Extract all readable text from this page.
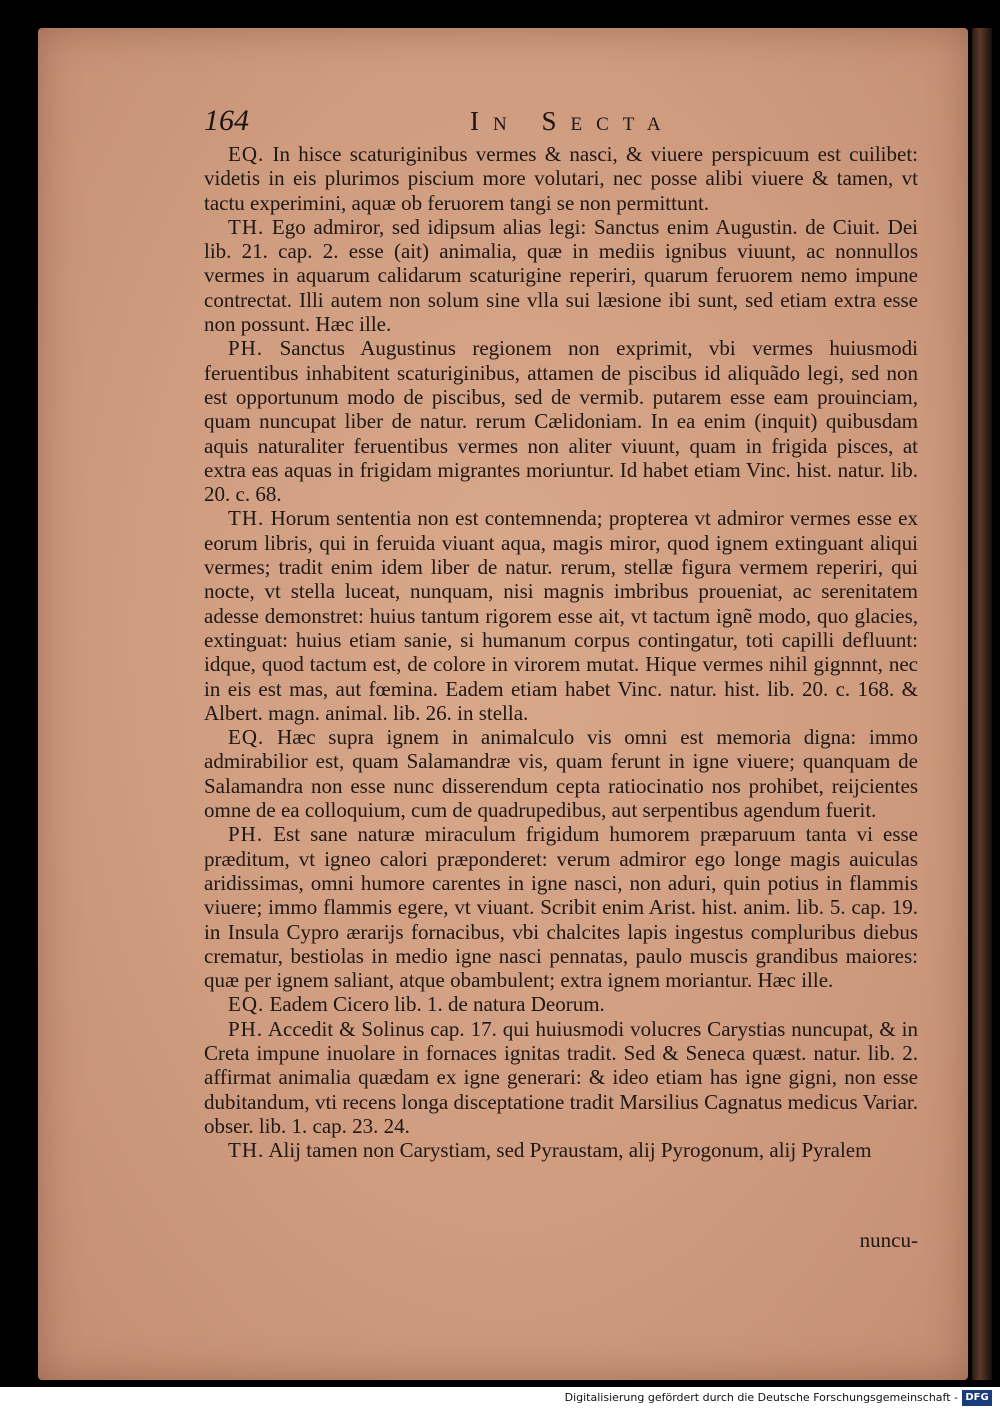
164	In Secta

EQ. In hisce scaturiginibus vermes & nasci, & viuere perspicuum est cuilibet: videtis in eis plurimos piscium more volutari, nec posse alibi viuere & tamen, vt tactu experimini, aquæ ob feruorem tangi se non permittunt.

TH. Ego admiror, sed idipsum alias legi: Sanctus enim Augustin. de Ciuit. Dei lib. 21. cap. 2. esse (ait) animalia, quæ in mediis ignibus viuunt, ac nonnullos vermes in aquarum calidarum scaturigine reperiri, quarum feruorem nemo impune contrectat. Illi autem non solum sine vlla sui læsione ibi sunt, sed etiam extra esse non possunt. Hæc ille.

PH. Sanctus Augustinus regionem non exprimit, vbi vermes huiusmodi feruentibus inhabitent scaturiginibus, attamen de piscibus id aliquãdo legi, sed non est opportunum modo de piscibus, sed de vermib. putarem esse eam prouinciam, quam nuncupat liber de natur. rerum Cælidoniam. In ea enim (inquit) quibusdam aquis naturaliter feruentibus vermes non aliter viuunt, quam in frigida pisces, at extra eas aquas in frigidam migrantes moriuntur. Id habet etiam Vinc. hist. natur. lib. 20. c. 68.

TH. Horum sententia non est contemnenda; propterea vt admiror vermes esse ex eorum libris, qui in feruida viuant aqua, magis miror, quod ignem extinguant aliqui vermes; tradit enim idem liber de natur. rerum, stellæ figura vermem reperiri, qui nocte, vt stella luceat, nunquam, nisi magnis imbribus proueniat, ac serenitatem adesse demonstret: huius tantum rigorem esse ait, vt tactum ignẽ modo, quo glacies, extinguat: huius etiam sanie, si humanum corpus contingatur, toti capilli defluunt: idque, quod tactum est, de colore in virorem mutat. Hique vermes nihil gignnnt, nec in eis est mas, aut fœmina. Eadem etiam habet Vinc. natur. hist. lib. 20. c. 168. & Albert. magn. animal. lib. 26. in stella.

EQ. Hæc supra ignem in animalculo vis omni est memoria digna: immo admirabilior est, quam Salamandræ vis, quam ferunt in igne viuere; quanquam de Salamandra non esse nunc disserendum cepta ratiocinatio nos prohibet, reijcientes omne de ea colloquium, cum de quadrupedibus, aut serpentibus agendum fuerit.

PH. Est sane naturæ miraculum frigidum humorem præparuum tanta vi esse præditum, vt igneo calori præponderet: verum admiror ego longe magis auiculas aridissimas, omni humore carentes in igne nasci, non aduri, quin potius in flammis viuere; immo flammis egere, vt viuant. Scribit enim Arist. hist. anim. lib. 5. cap. 19. in Insula Cypro ærarijs fornacibus, vbi chalcites lapis ingestus compluribus diebus crematur, bestiolas in medio igne nasci pennatas, paulo muscis grandibus maiores: quæ per ignem saliant, atque obambulent; extra ignem moriantur. Hæc ille.

EQ. Eadem Cicero lib. 1. de natura Deorum.

PH. Accedit & Solinus cap. 17. qui huiusmodi volucres Carystias nuncupat, & in Creta impune inuolare in fornaces ignitas tradit. Sed & Seneca quæst. natur. lib. 2. affirmat animalia quædam ex igne generari: & ideo etiam has igne gigni, non esse dubitandum, vti recens longa disceptatione tradit Marsilius Cagnatus medicus Variar. obser. lib. 1. cap. 23. 24.

TH. Alij tamen non Carystiam, sed Pyraustam, alij Pyrogonum, alij Pyralem

nuncu-
Digitalisierung gefördert durch die Deutsche Forschungsgemeinschaft - DFG
